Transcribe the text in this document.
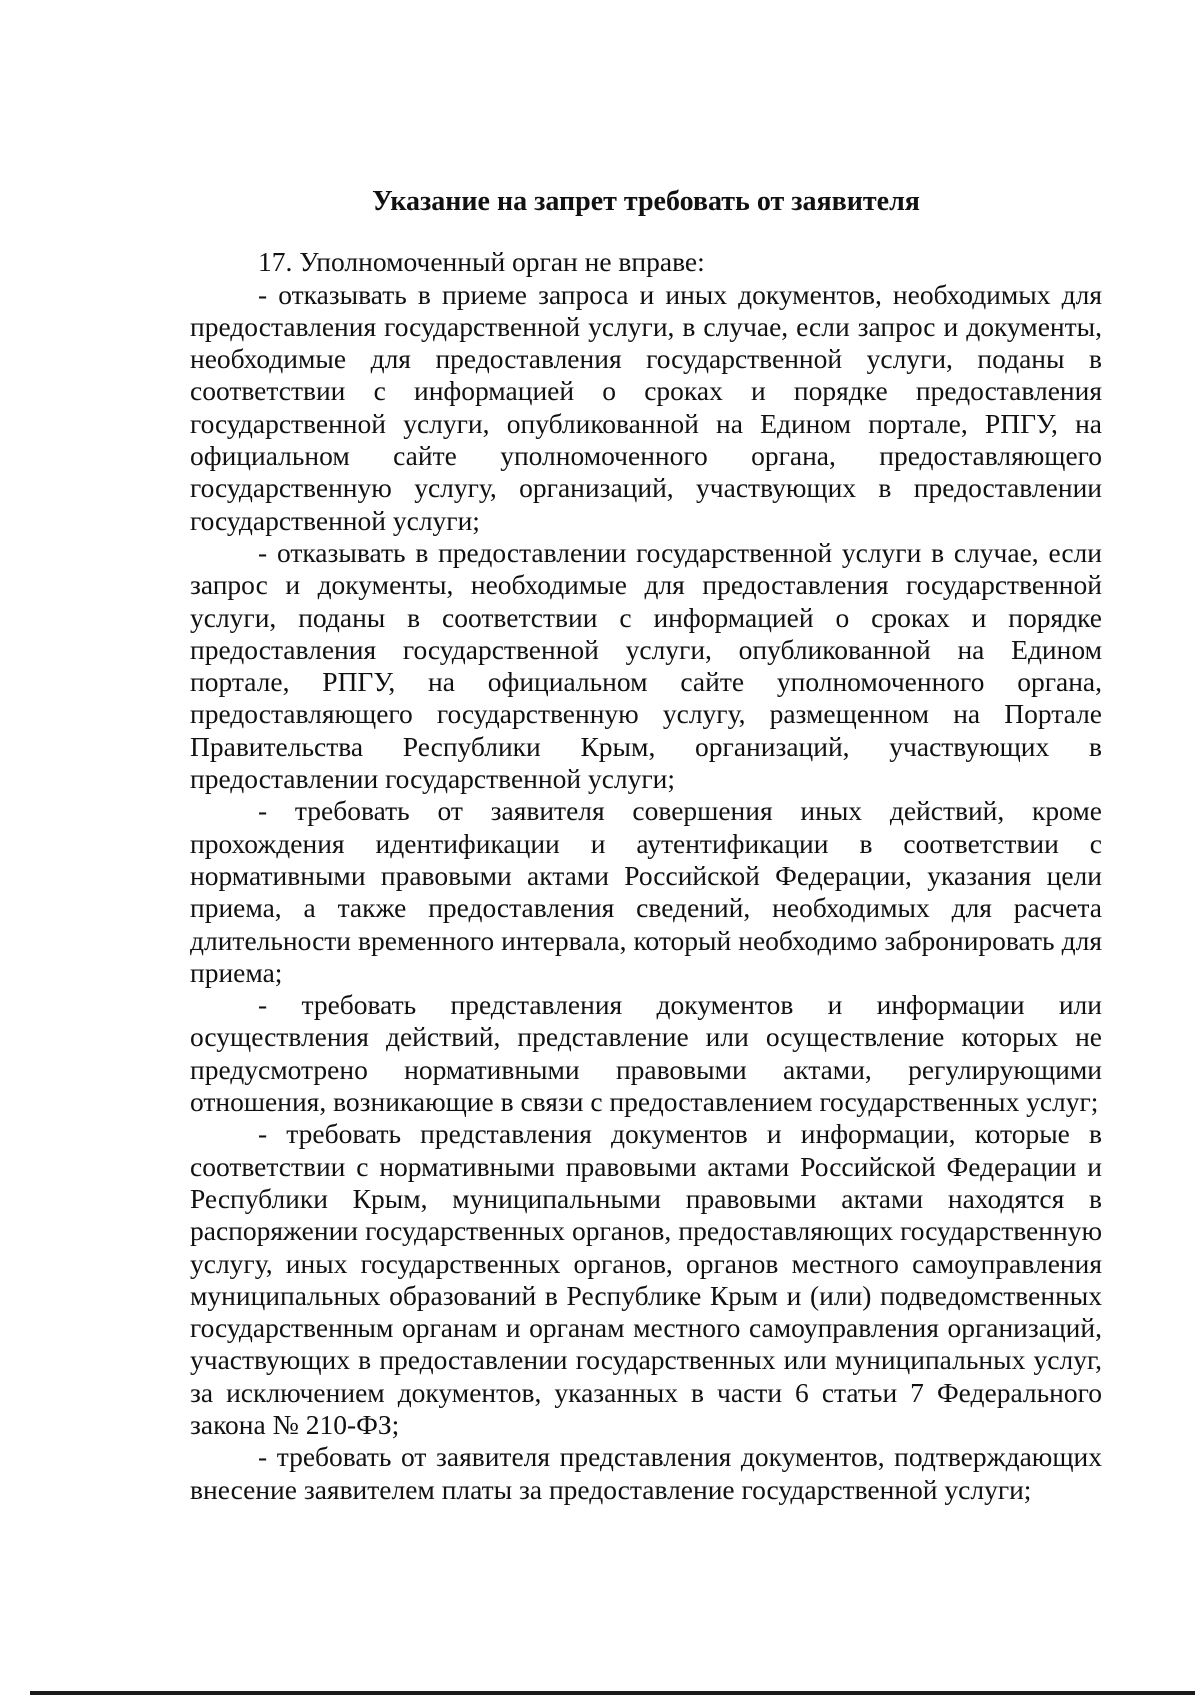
Указание на запрет требовать от заявителя

17. Уполномоченный орган не вправе:

- отказывать в приеме запроса и иных документов, необходимых для предоставления государственной услуги, в случае, если запрос и документы, необходимые для предоставления государственной услуги, поданы в соответствии с информацией о сроках и порядке предоставления государственной услуги, опубликованной на Едином портале, РПГУ, на официальном сайте уполномоченного органа, предоставляющего государственную услугу, организаций, участвующих в предоставлении государственной услуги;

- отказывать в предоставлении государственной услуги в случае, если запрос и документы, необходимые для предоставления государственной услуги, поданы в соответствии с информацией о сроках и порядке предоставления государственной услуги, опубликованной на Едином портале, РПГУ, на официальном сайте уполномоченного органа, предоставляющего государственную услугу, размещенном на Портале Правительства Республики Крым, организаций, участвующих в предоставлении государственной услуги;

- требовать от заявителя совершения иных действий, кроме прохождения идентификации и аутентификации в соответствии с нормативными правовыми актами Российской Федерации, указания цели приема, а также предоставления сведений, необходимых для расчета длительности временного интервала, который необходимо забронировать для приема;

- требовать представления документов и информации или осуществления действий, представление или осуществление которых не предусмотрено нормативными правовыми актами, регулирующими отношения, возникающие в связи с предоставлением государственных услуг;

- требовать представления документов и информации, которые в соответствии с нормативными правовыми актами Российской Федерации и Республики Крым, муниципальными правовыми актами находятся в распоряжении государственных органов, предоставляющих государственную услугу, иных государственных органов, органов местного самоуправления муниципальных образований в Республике Крым и (или) подведомственных государственным органам и органам местного самоуправления организаций, участвующих в предоставлении государственных или муниципальных услуг, за исключением документов, указанных в части 6 статьи 7 Федерального закона № 210-ФЗ;

- требовать от заявителя представления документов, подтверждающих внесение заявителем платы за предоставление государственной услуги;
